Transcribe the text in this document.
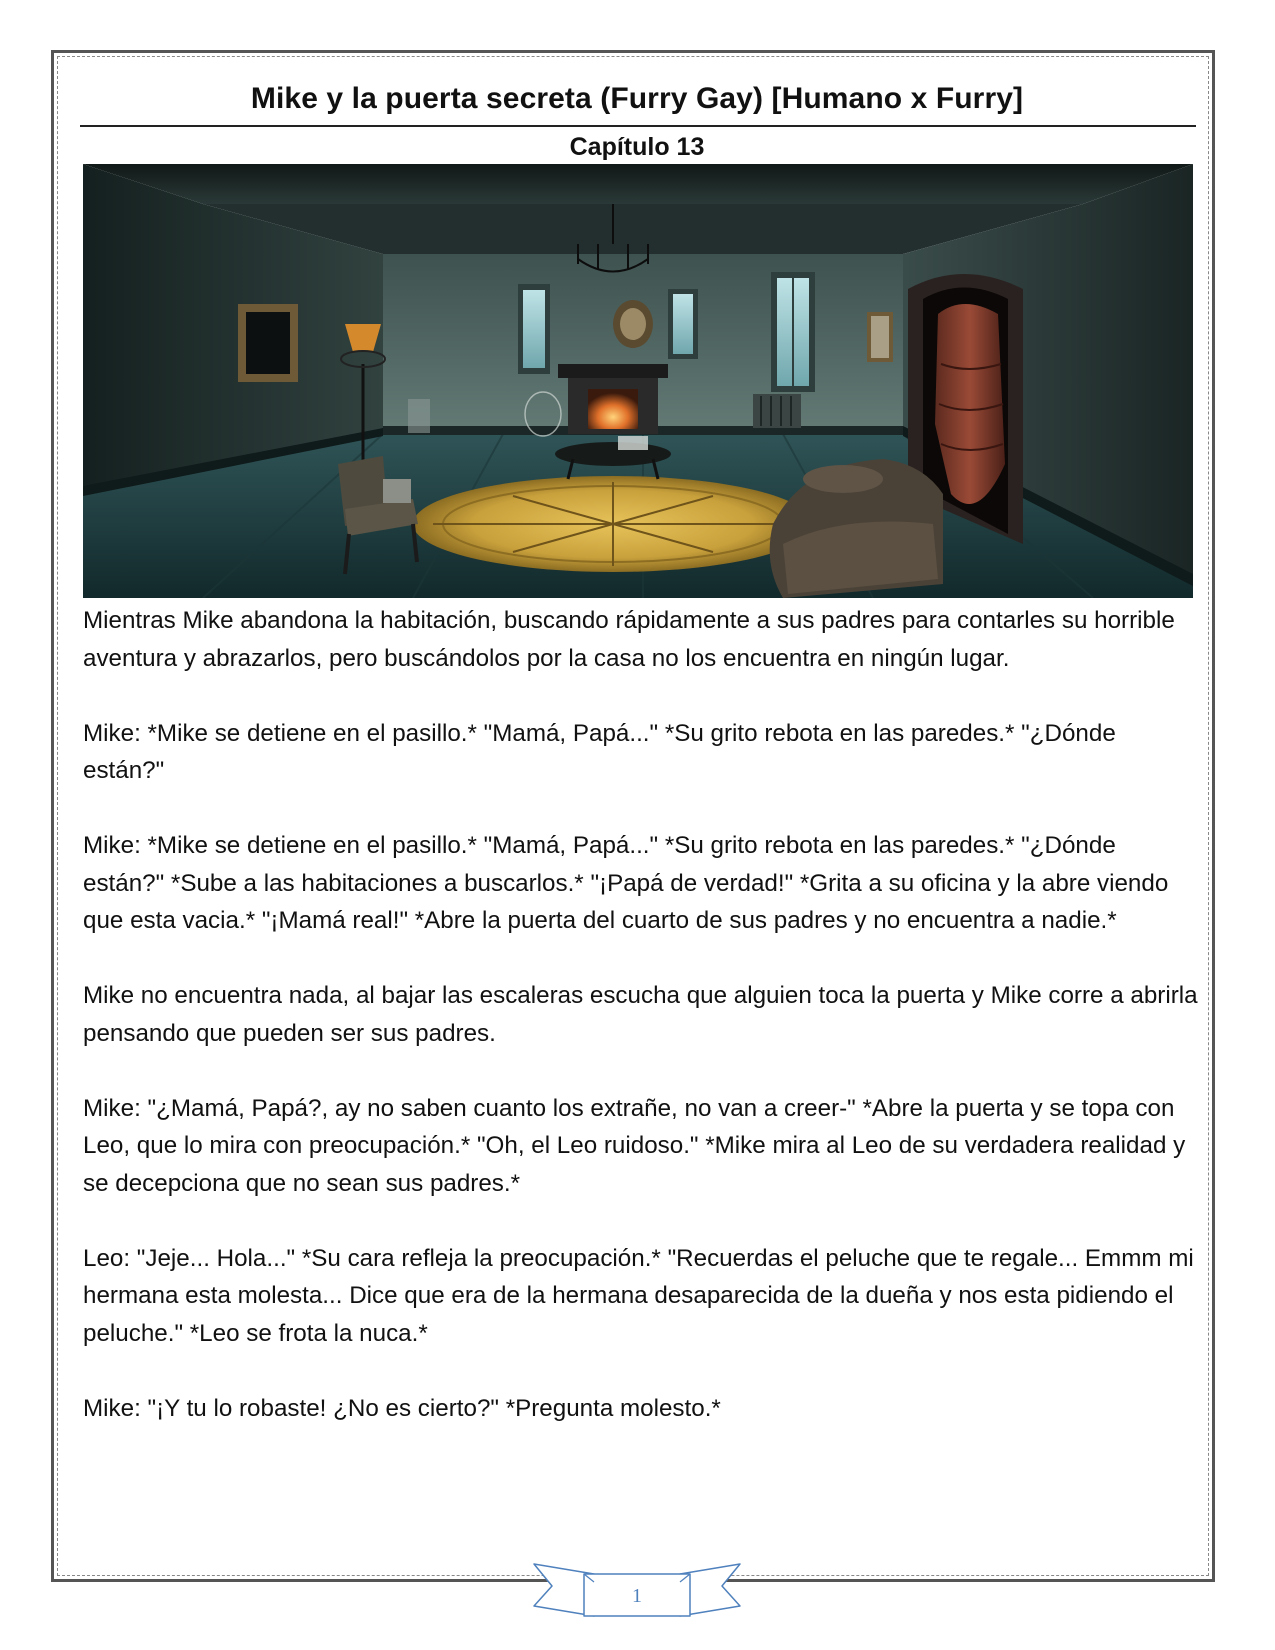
Mike y la puerta secreta (Furry Gay) [Humano x Furry]
Capítulo 13

Mientras Mike abandona la habitación, buscando rápidamente a sus padres para contarles su horrible aventura y abrazarlos, pero buscándolos por la casa no los encuentra en ningún lugar.

Mike: *Mike se detiene en el pasillo.* "Mamá, Papá..." *Su grito rebota en las paredes.* "¿Dónde están?"

Mike: *Mike se detiene en el pasillo.* "Mamá, Papá..." *Su grito rebota en las paredes.* "¿Dónde están?" *Sube a las habitaciones a buscarlos.* "¡Papá de verdad!" *Grita a su oficina y la abre viendo que esta vacia.* "¡Mamá real!" *Abre la puerta del cuarto de sus padres y no encuentra a nadie.*

Mike no encuentra nada, al bajar las escaleras escucha que alguien toca la puerta y Mike corre a abrirla pensando que pueden ser sus padres.

Mike: "¿Mamá, Papá?, ay no saben cuanto los extrañe, no van a creer-" *Abre la puerta y se topa con Leo, que lo mira con preocupación.* "Oh, el Leo ruidoso." *Mike mira al Leo de su verdadera realidad y se decepciona que no sean sus padres.*

Leo: "Jeje... Hola..." *Su cara refleja la preocupación.* "Recuerdas el peluche que te regale... Emmm mi hermana esta molesta... Dice que era de la hermana desaparecida de la dueña y nos esta pidiendo el peluche." *Leo se frota la nuca.*

Mike: "¡Y tu lo robaste! ¿No es cierto?" *Pregunta molesto.*

1
